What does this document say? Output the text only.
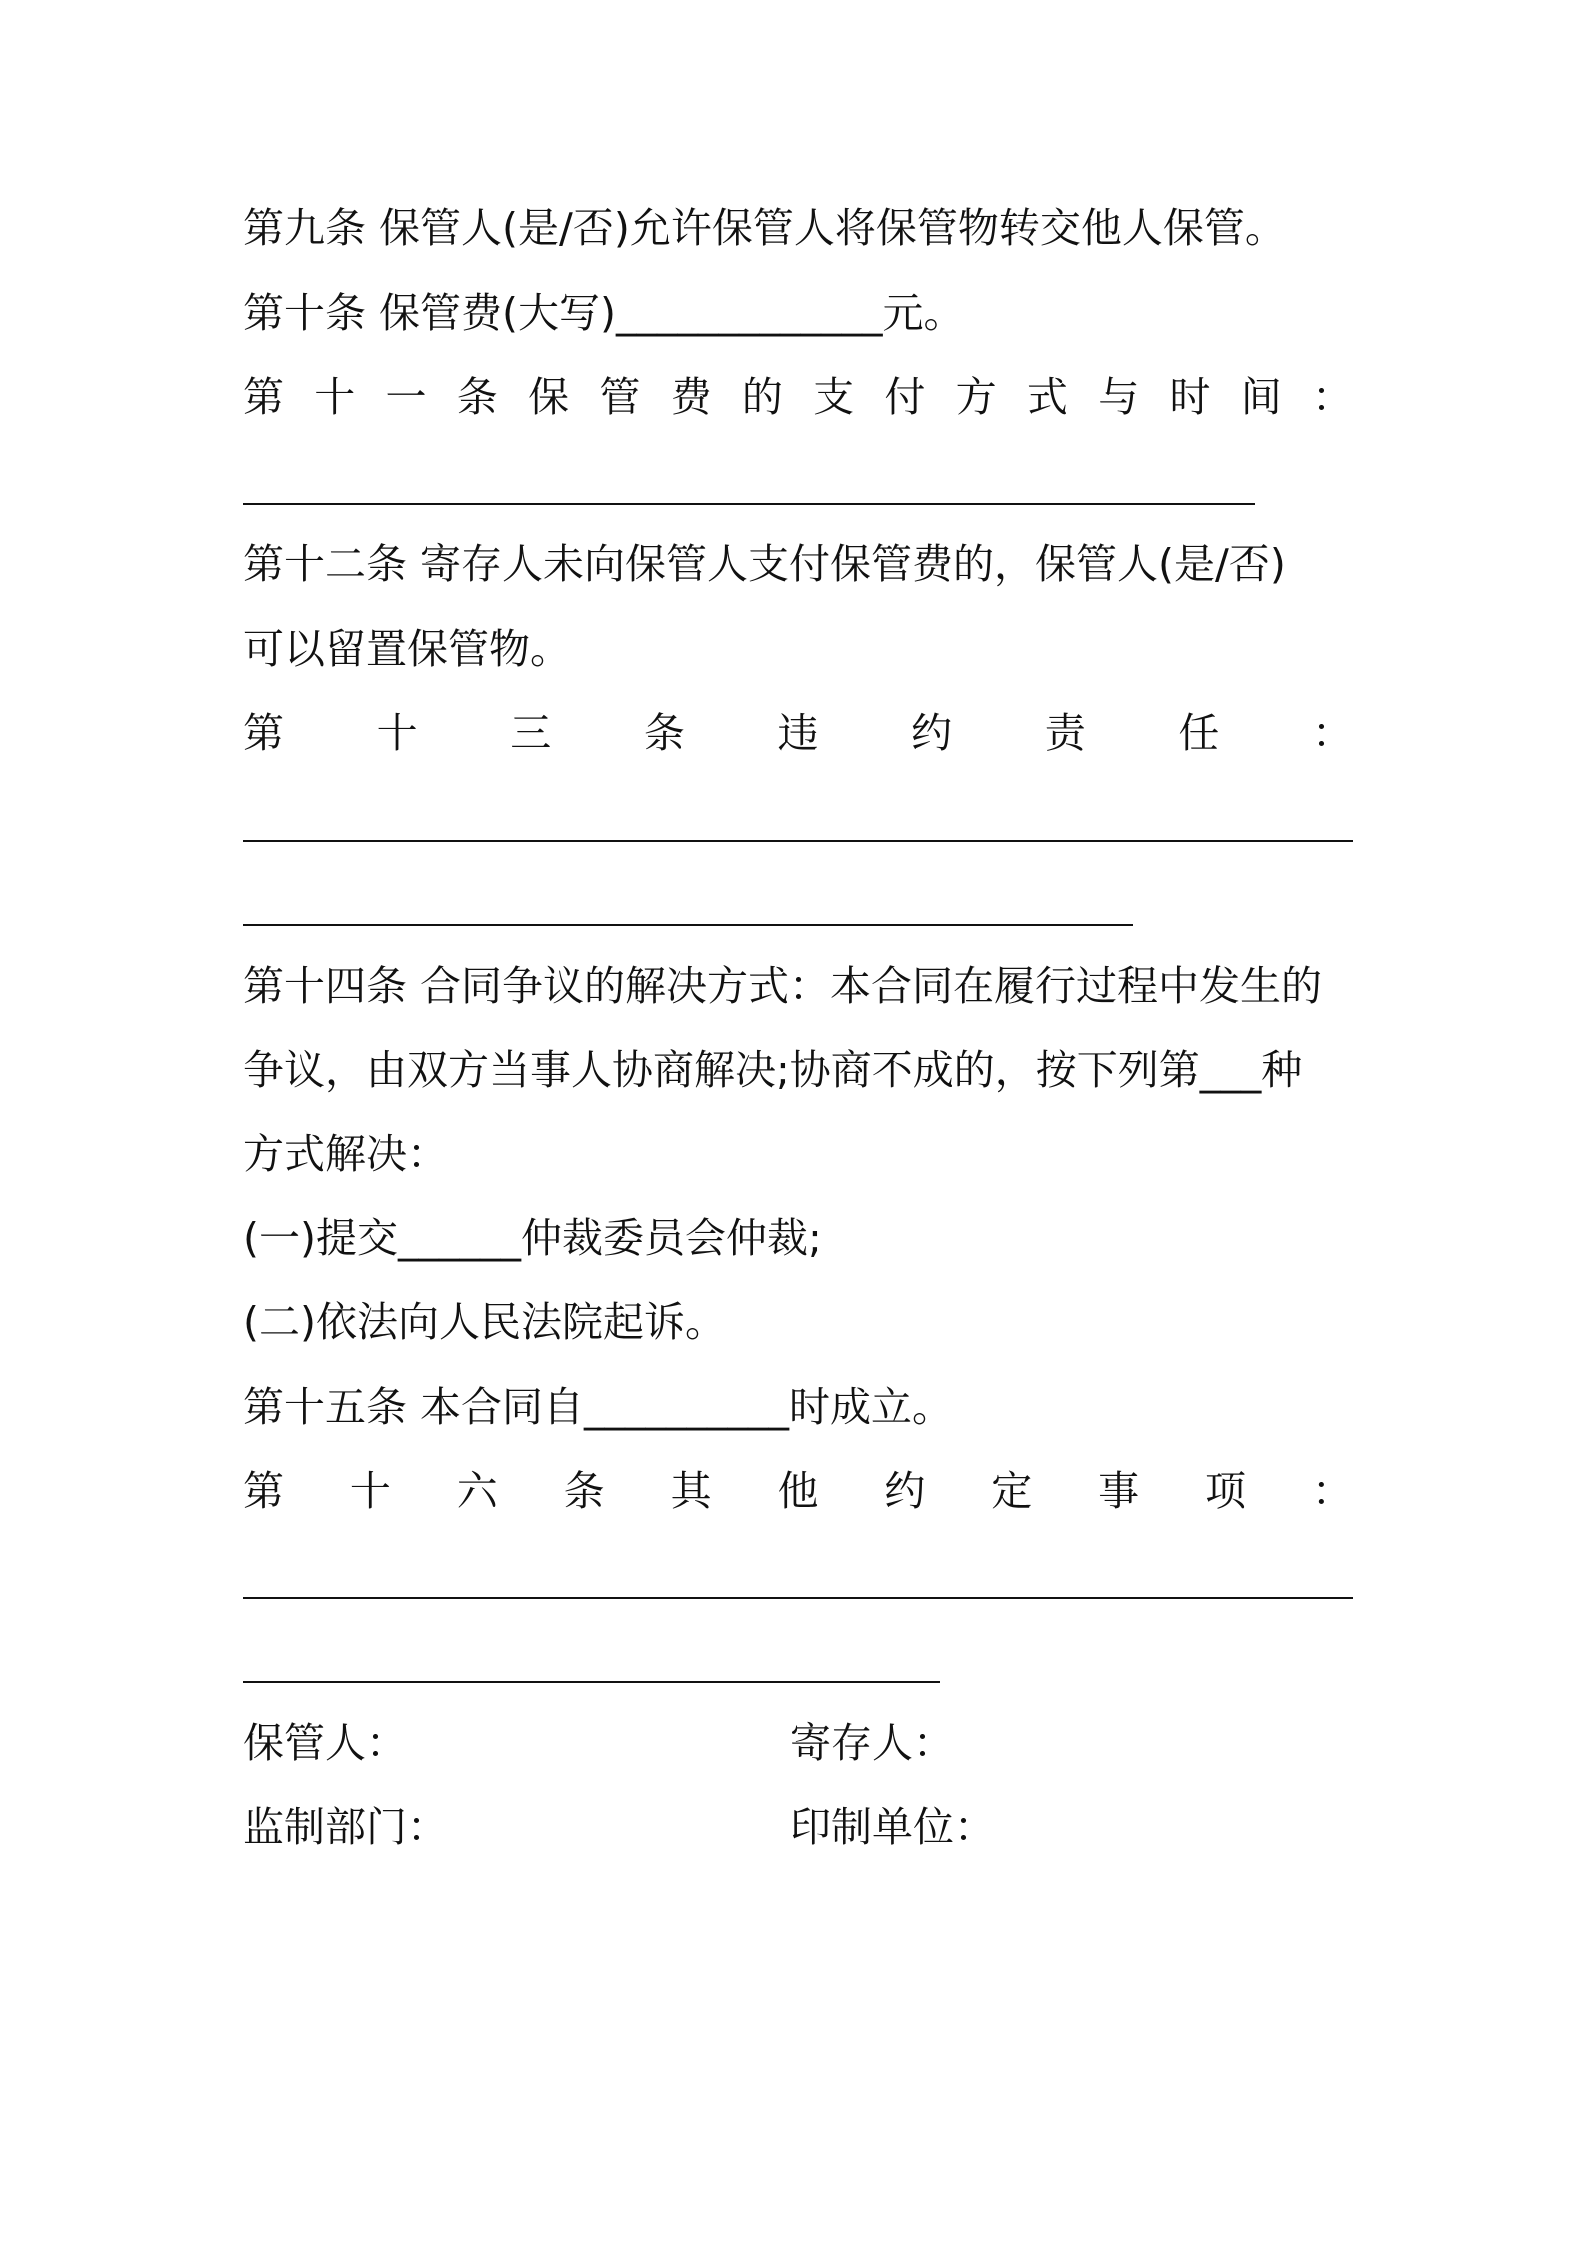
第九条 保管人(是/否)允许保管人将保管物转交他人保管。
第十条 保管费(大写)_____________元。
第 十 一 条 保 管 费 的 支 付 方 式 与 时 间 ：
第十二条 寄存人未向保管人支付保管费的，保管人(是/否)
可以留置保管物。
第 十 三 条 违 约 责 任 ：
第十四条 合同争议的解决方式：本合同在履行过程中发生的
争议，由双方当事人协商解决;协商不成的，按下列第___种
方式解决：
(一)提交______仲裁委员会仲裁;
(二)依法向人民法院起诉。
第十五条 本合同自__________时成立。
第 十 六 条 其 他 约 定 事 项 ：
保管人：	寄存人：
监制部门：	印制单位：
